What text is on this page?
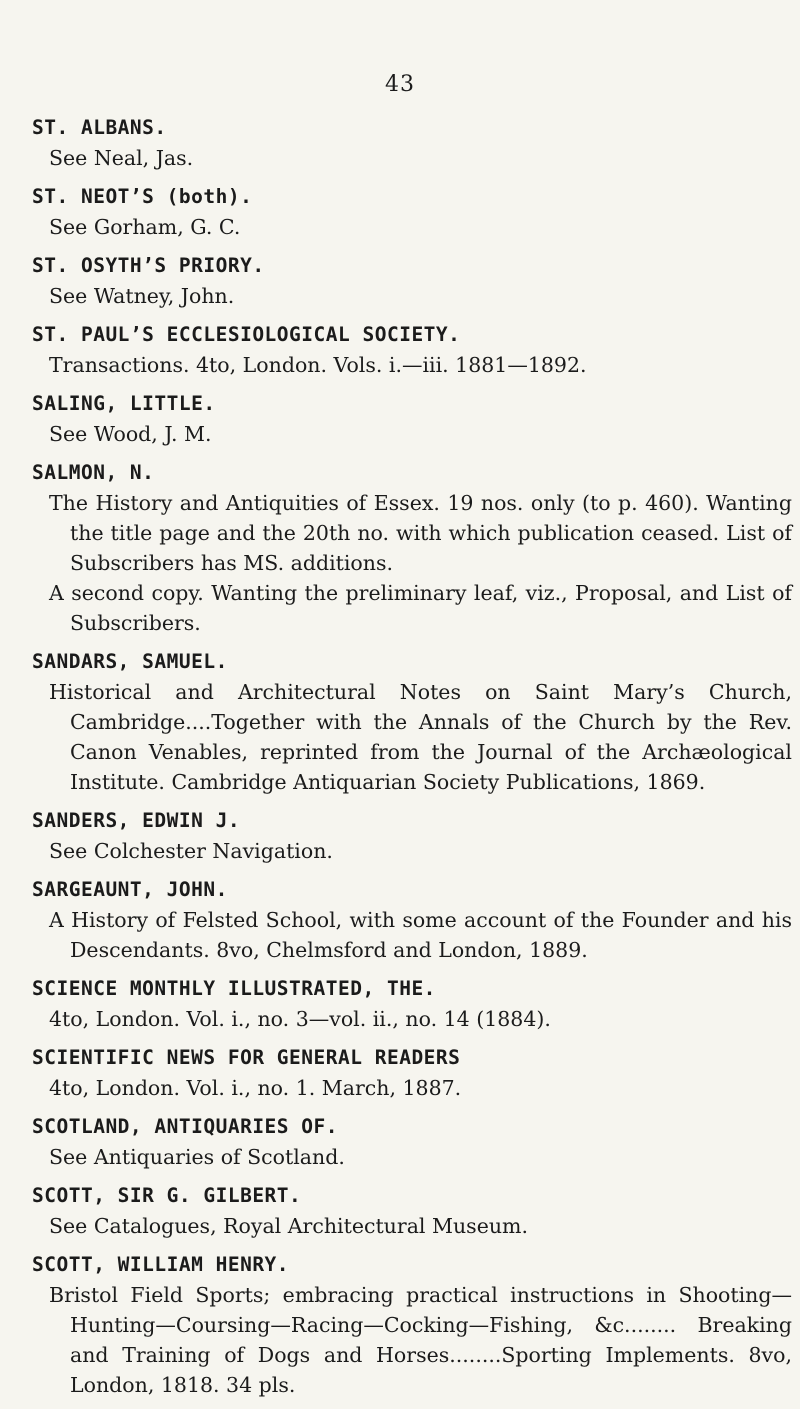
43
ST. ALBANS.
See Neal, Jas.
ST. NEOT’S (both).
See Gorham, G. C.
ST. OSYTH’S PRIORY.
See Watney, John.
ST. PAUL’S ECCLESIOLOGICAL SOCIETY.
Transactions. 4to, London. Vols. i.—iii. 1881—1892.
SALING, LITTLE.
See Wood, J. M.
SALMON, N.
The History and Antiquities of Essex. 19 nos. only (to p. 460). Wanting the title page and the 20th no. with which publication ceased. List of Subscribers has MS. additions.
A second copy. Wanting the preliminary leaf, viz., Proposal, and List of Subscribers.
SANDARS, SAMUEL.
Historical and Architectural Notes on Saint Mary’s Church, Cambridge....Together with the Annals of the Church by the Rev. Canon Venables, reprinted from the Journal of the Archæological Institute. Cambridge Antiquarian Society Publications, 1869.
SANDERS, EDWIN J.
See Colchester Navigation.
SARGEAUNT, JOHN.
A History of Felsted School, with some account of the Founder and his Descendants. 8vo, Chelmsford and London, 1889.
SCIENCE MONTHLY ILLUSTRATED, THE.
4to, London. Vol. i., no. 3—vol. ii., no. 14 (1884).
SCIENTIFIC NEWS FOR GENERAL READERS
4to, London. Vol. i., no. 1. March, 1887.
SCOTLAND, ANTIQUARIES OF.
See Antiquaries of Scotland.
SCOTT, SIR G. GILBERT.
See Catalogues, Royal Architectural Museum.
SCOTT, WILLIAM HENRY.
Bristol Field Sports; embracing practical instructions in Shooting—Hunting—Coursing—Racing—Cocking—Fishing, &c........ Breaking and Training of Dogs and Horses........Sporting Implements. 8vo, London, 1818. 34 pls.
